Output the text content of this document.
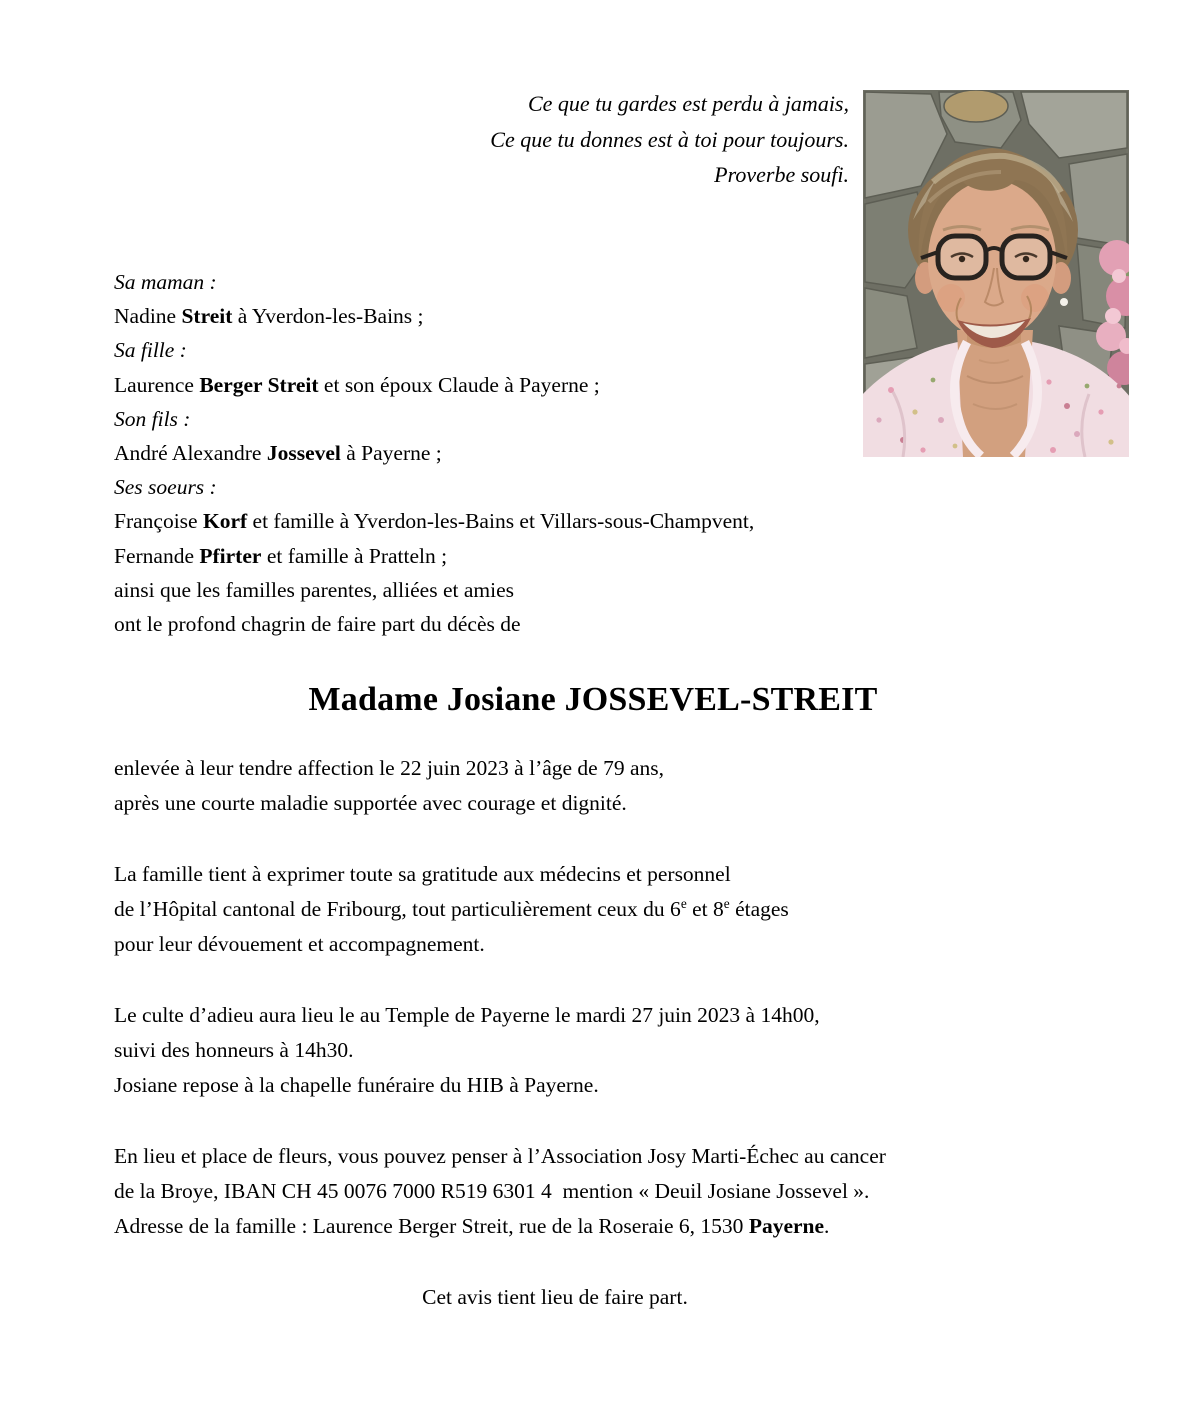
Ce que tu gardes est perdu à jamais,
Ce que tu donnes est à toi pour toujours.
Proverbe soufi.
Sa maman :
Nadine Streit à Yverdon-les-Bains ;
Sa fille :
Laurence Berger Streit et son époux Claude à Payerne ;
Son fils :
André Alexandre Jossevel à Payerne ;
Ses soeurs :
Françoise Korf et famille à Yverdon-les-Bains et Villars-sous-Champvent,
Fernande Pfirter et famille à Pratteln ;
ainsi que les familles parentes, alliées et amies
ont le profond chagrin de faire part du décès de
Madame Josiane JOSSEVEL-STREIT
enlevée à leur tendre affection le 22 juin 2023 à l’âge de 79 ans,
après une courte maladie supportée avec courage et dignité.
La famille tient à exprimer toute sa gratitude aux médecins et personnel
de l’Hôpital cantonal de Fribourg, tout particulièrement ceux du 6e et 8e étages
pour leur dévouement et accompagnement.
Le culte d’adieu aura lieu le au Temple de Payerne le mardi 27 juin 2023 à 14h00,
suivi des honneurs à 14h30.
Josiane repose à la chapelle funéraire du HIB à Payerne.
En lieu et place de fleurs, vous pouvez penser à l’Association Josy Marti-Échec au cancer
de la Broye, IBAN CH 45 0076 7000 R519 6301 4  mention « Deuil Josiane Jossevel ».
Adresse de la famille : Laurence Berger Streit, rue de la Roseraie 6, 1530 Payerne.
Cet avis tient lieu de faire part.
